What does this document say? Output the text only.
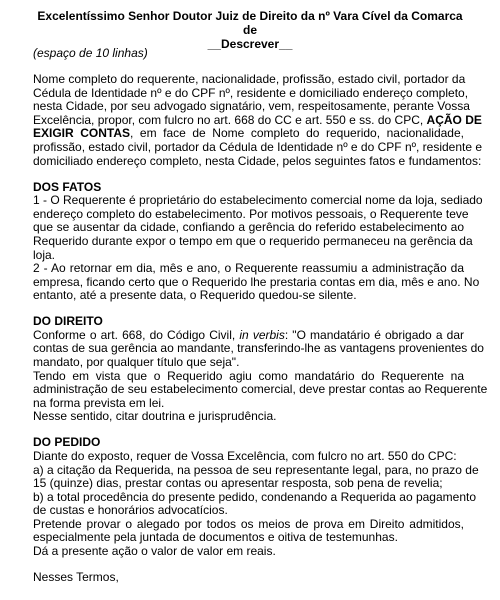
Excelentíssimo Senhor Doutor Juiz de Direito da nº Vara Cível da Comarca de
__Descrever__
(espaço de 10 linhas)
Nome completo do requerente, nacionalidade, profissão, estado civil, portador da
Cédula de Identidade nº e do CPF nº, residente e domiciliado endereço completo,
nesta Cidade, por seu advogado signatário, vem, respeitosamente, perante Vossa
Excelência, propor, com fulcro no art. 668 do CC e art. 550 e ss. do CPC, AÇÃO DE
EXIGIR CONTAS, em face de Nome completo do requerido, nacionalidade,
profissão, estado civil, portador da Cédula de Identidade nº e do CPF nº, residente e
domiciliado endereço completo, nesta Cidade, pelos seguintes fatos e fundamentos:
DOS FATOS
1 - O Requerente é proprietário do estabelecimento comercial nome da loja, sediado
endereço completo do estabelecimento. Por motivos pessoais, o Requerente teve
que se ausentar da cidade, confiando a gerência do referido estabelecimento ao
Requerido durante expor o tempo em que o requerido permaneceu na gerência da
loja.
2 - Ao retornar em dia, mês e ano, o Requerente reassumiu a administração da
empresa, ficando certo que o Requerido lhe prestaria contas em dia, mês e ano. No
entanto, até a presente data, o Requerido quedou-se silente.
DO DIREITO
Conforme o art. 668, do Código Civil, in verbis: "O mandatário é obrigado a dar
contas de sua gerência ao mandante, transferindo-lhe as vantagens provenientes do
mandato, por qualquer título que seja".
Tendo em vista que o Requerido agiu como mandatário do Requerente na
administração de seu estabelecimento comercial, deve prestar contas ao Requerente
na forma prevista em lei.
Nesse sentido, citar doutrina e jurisprudência.
DO PEDIDO
Diante do exposto, requer de Vossa Excelência, com fulcro no art. 550 do CPC:
a) a citação da Requerida, na pessoa de seu representante legal, para, no prazo de
15 (quinze) dias, prestar contas ou apresentar resposta, sob pena de revelia;
b) a total procedência do presente pedido, condenando a Requerida ao pagamento
de custas e honorários advocatícios.
Pretende provar o alegado por todos os meios de prova em Direito admitidos,
especialmente pela juntada de documentos e oitiva de testemunhas.
Dá a presente ação o valor de valor em reais.
Nesses Termos,
